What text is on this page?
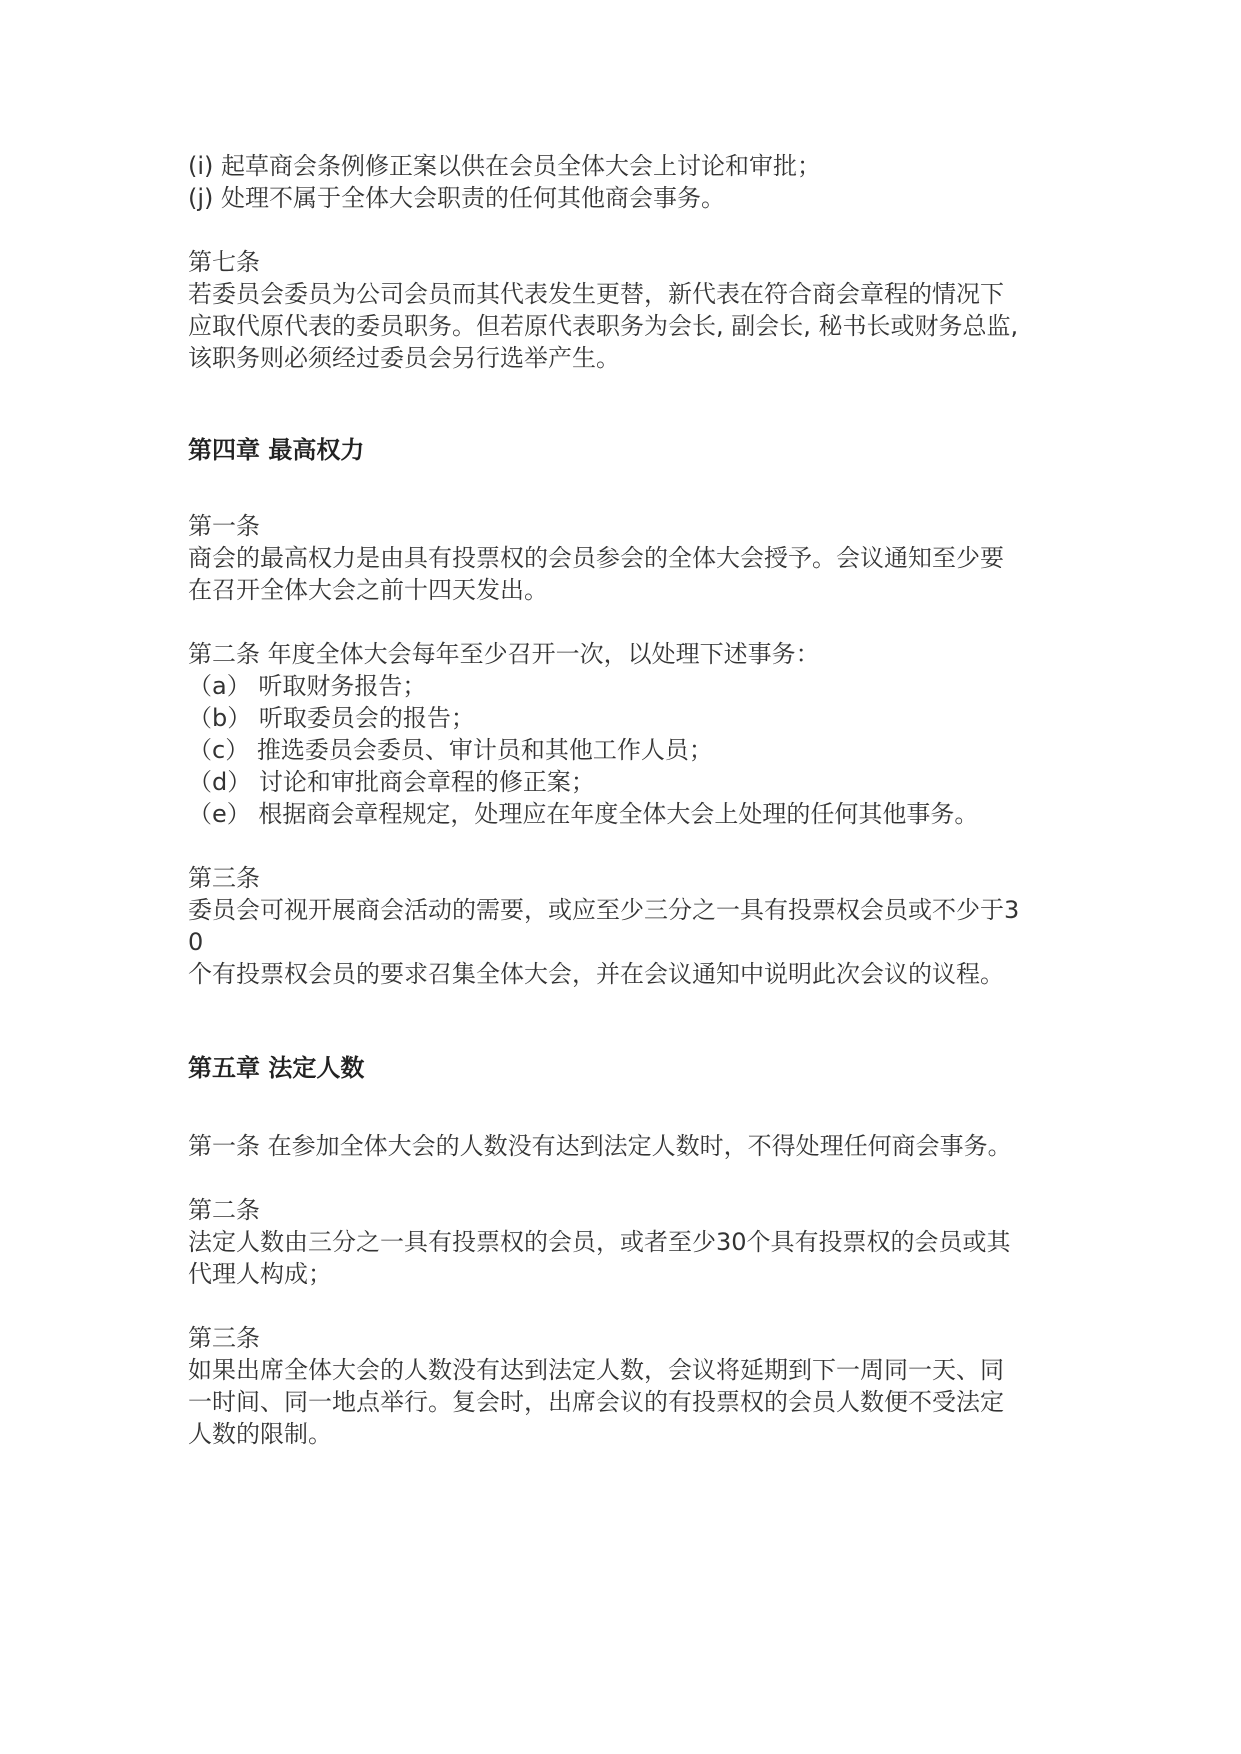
(i) 起草商会条例修正案以供在会员全体大会上讨论和审批；

(j) 处理不属于全体大会职责的任何其他商会事务。

第七条

若委员会委员为公司会员而其代表发生更替，新代表在符合商会章程的情况下

应取代原代表的委员职务。但若原代表职务为会长, 副会长, 秘书长或财务总监,

该职务则必须经过委员会另行选举产生。

第四章 最高权力

第一条

商会的最高权力是由具有投票权的会员参会的全体大会授予。会议通知至少要

在召开全体大会之前十四天发出。

第二条 年度全体大会每年至少召开一次，以处理下述事务：

（a） 听取财务报告；

（b） 听取委员会的报告；

（c） 推选委员会委员、审计员和其他工作人员；

（d） 讨论和审批商会章程的修正案；

（e） 根据商会章程规定，处理应在年度全体大会上处理的任何其他事务。

第三条

委员会可视开展商会活动的需要，或应至少三分之一具有投票权会员或不少于3

0

个有投票权会员的要求召集全体大会，并在会议通知中说明此次会议的议程。

第五章 法定人数

第一条 在参加全体大会的人数没有达到法定人数时，不得处理任何商会事务。

第二条

法定人数由三分之一具有投票权的会员，或者至少30个具有投票权的会员或其

代理人构成；

第三条

如果出席全体大会的人数没有达到法定人数，会议将延期到下一周同一天、同

一时间、同一地点举行。复会时，出席会议的有投票权的会员人数便不受法定

人数的限制。
